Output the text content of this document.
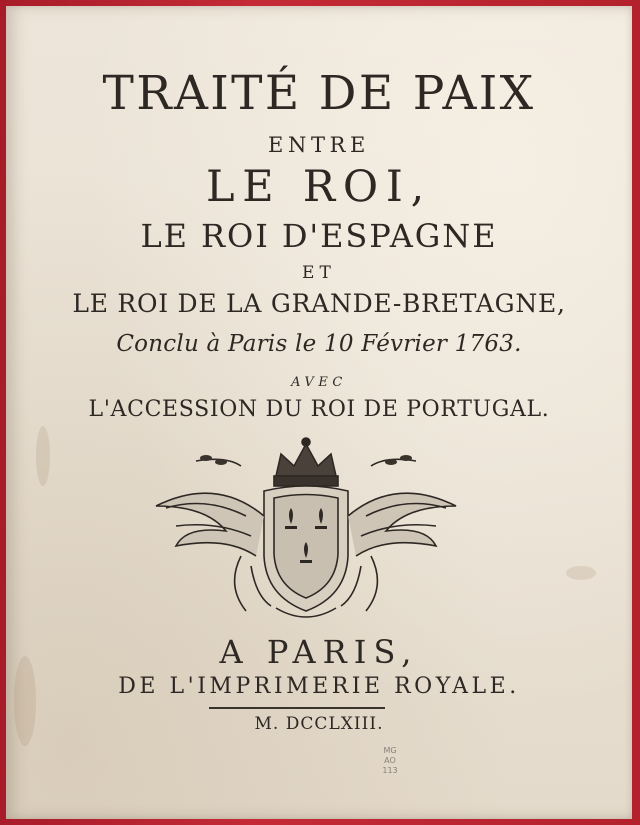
TRAITÉ DE PAIX
ENTRE
LE ROI,
LE ROI D'ESPAGNE
ET
LE ROI DE LA GRANDE-BRETAGNE,
Conclu à Paris le 10 Février 1763.
AVEC
L'ACCESSION DU ROI DE PORTUGAL.
A PARIS,
DE L'IMPRIMERIE ROYALE.
M. DCCLXIII.
MG
AO
113
